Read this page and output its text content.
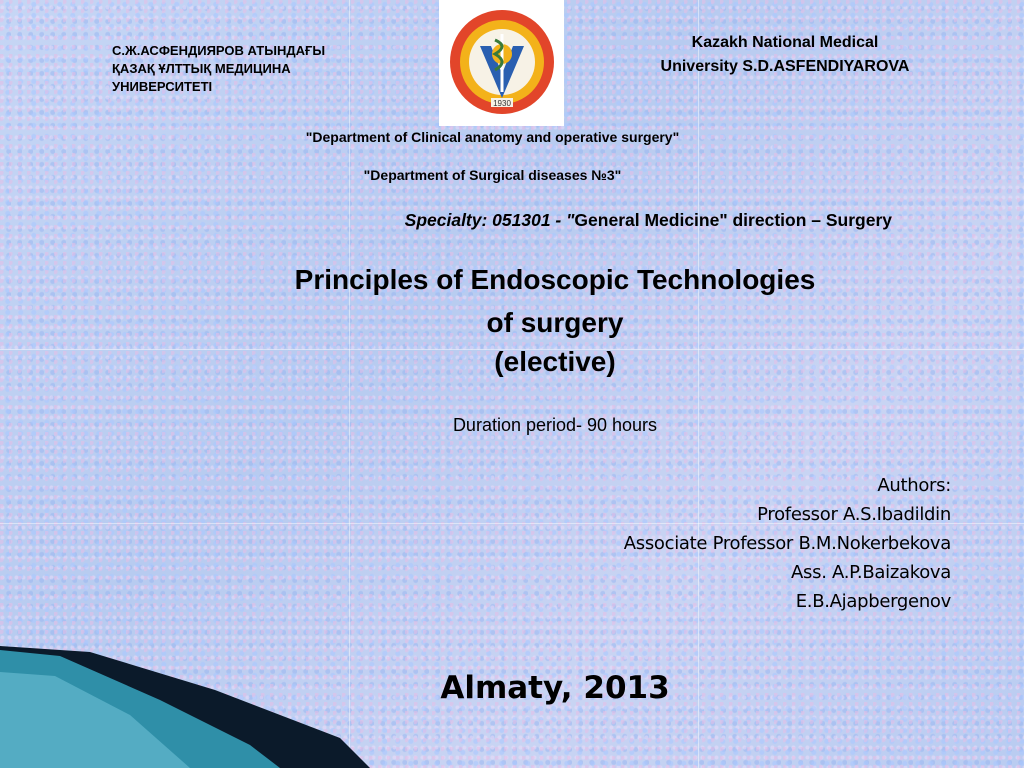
1930
С.Ж.АСФЕНДИЯРОВ АТЫНДАҒЫ
ҚАЗАҚ ҰЛТТЫҚ МЕДИЦИНА
УНИВЕРСИТЕТІ
Kazakh National Medical
University S.D.ASFENDIYAROVA
"Department of Clinical anatomy and operative surgery"
"Department of Surgical diseases №3"
Specialty: 051301 - "General Medicine" direction – Surgery
Principles of Endoscopic Technologies
of surgery
(elective)
Duration period- 90 hours
Authors:
Professor A.S.Ibadildin
Associate Professor B.M.Nokerbekova
Ass. A.P.Baizakova
E.B.Ajapbergenov
Almaty, 2013
